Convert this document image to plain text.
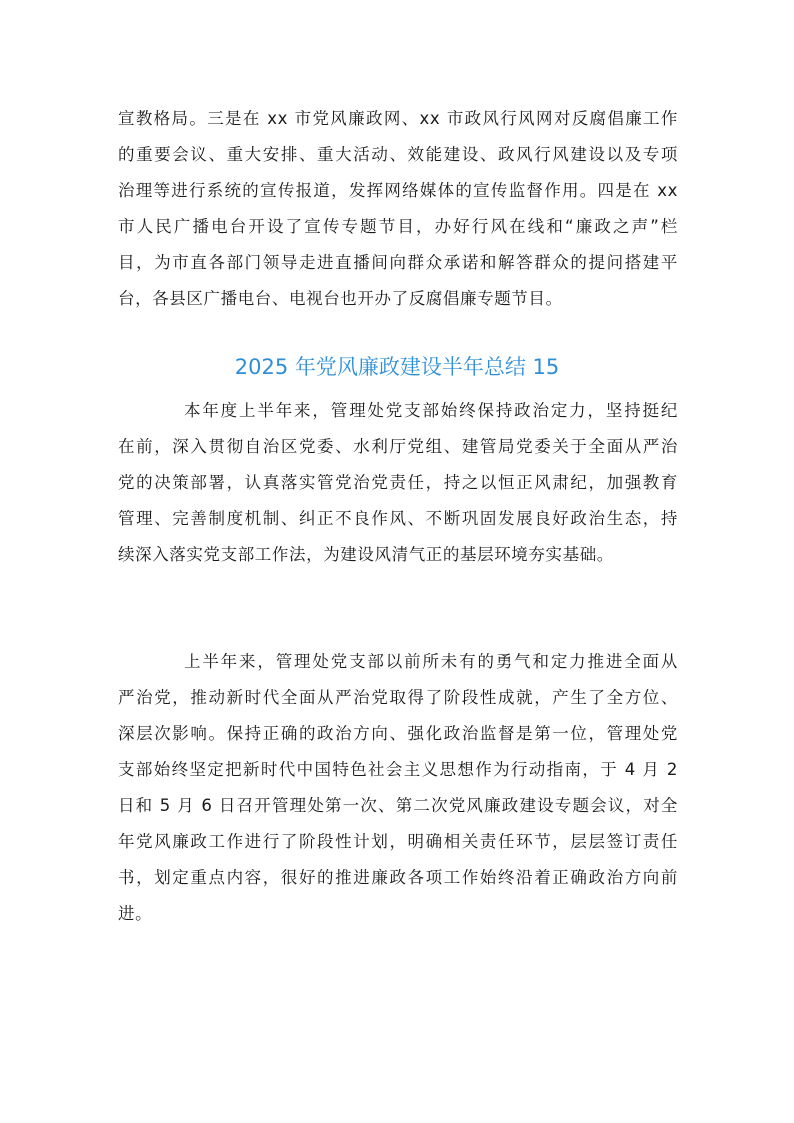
宣教格局。三是在 xx 市党风廉政网、xx 市政风行风网对反腐倡廉工作
的重要会议、重大安排、重大活动、效能建设、政风行风建设以及专项
治理等进行系统的宣传报道，发挥网络媒体的宣传监督作用。四是在 xx
市人民广播电台开设了宣传专题节目，办好行风在线和“廉政之声”栏
目，为市直各部门领导走进直播间向群众承诺和解答群众的提问搭建平
台，各县区广播电台、电视台也开办了反腐倡廉专题节目。
2025 年党风廉政建设半年总结 15
本年度上半年来，管理处党支部始终保持政治定力，坚持挺纪
在前，深入贯彻自治区党委、水利厅党组、建管局党委关于全面从严治
党的决策部署，认真落实管党治党责任，持之以恒正风肃纪，加强教育
管理、完善制度机制、纠正不良作风、不断巩固发展良好政治生态，持
续深入落实党支部工作法，为建设风清气正的基层环境夯实基础。
上半年来，管理处党支部以前所未有的勇气和定力推进全面从
严治党，推动新时代全面从严治党取得了阶段性成就，产生了全方位、
深层次影响。保持正确的政治方向、强化政治监督是第一位，管理处党
支部始终坚定把新时代中国特色社会主义思想作为行动指南，于 4 月 2
日和 5 月 6 日召开管理处第一次、第二次党风廉政建设专题会议，对全
年党风廉政工作进行了阶段性计划，明确相关责任环节，层层签订责任
书，划定重点内容，很好的推进廉政各项工作始终沿着正确政治方向前
进。
